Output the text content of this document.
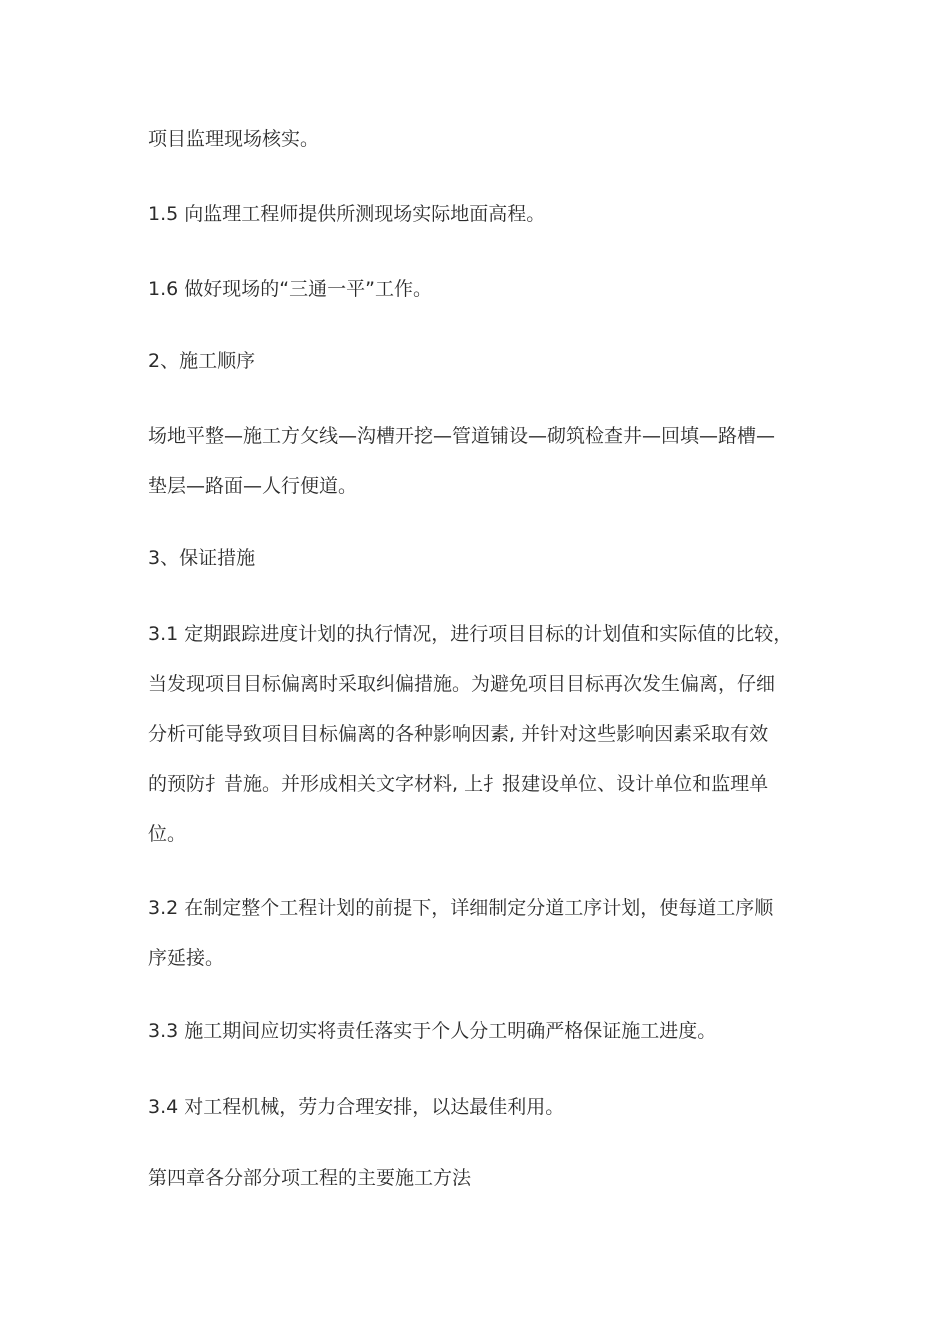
项目监理现场核实。

1.5 向监理工程师提供所测现场实际地面高程。

1.6 做好现场的“三通一平”工作。

2、施工顺序

场地平整—施工方攵线—沟槽开挖—管道铺设—砌筑检查井—回填—路槽—
垫层—路面—人行便道。

3、保证措施

3.1 定期跟踪进度计划的执行情况，进行项目目标的计划值和实际值的比较，
当发现项目目标偏离时采取纠偏措施。为避免项目目标再次发生偏离，仔细
分析可能导致项目目标偏离的各种影响因素, 并针对这些影响因素采取有效
的预防扌昔施。并形成相关文字材料, 上扌报建设单位、设计单位和监理单
位。

3.2 在制定整个工程计划的前提下，详细制定分道工序计划，使每道工序顺
序延接。

3.3 施工期间应切实将责任落实于个人分工明确严格保证施工进度。

3.4 对工程机械，劳力合理安排，以达最佳利用。

第四章各分部分项工程的主要施工方法
